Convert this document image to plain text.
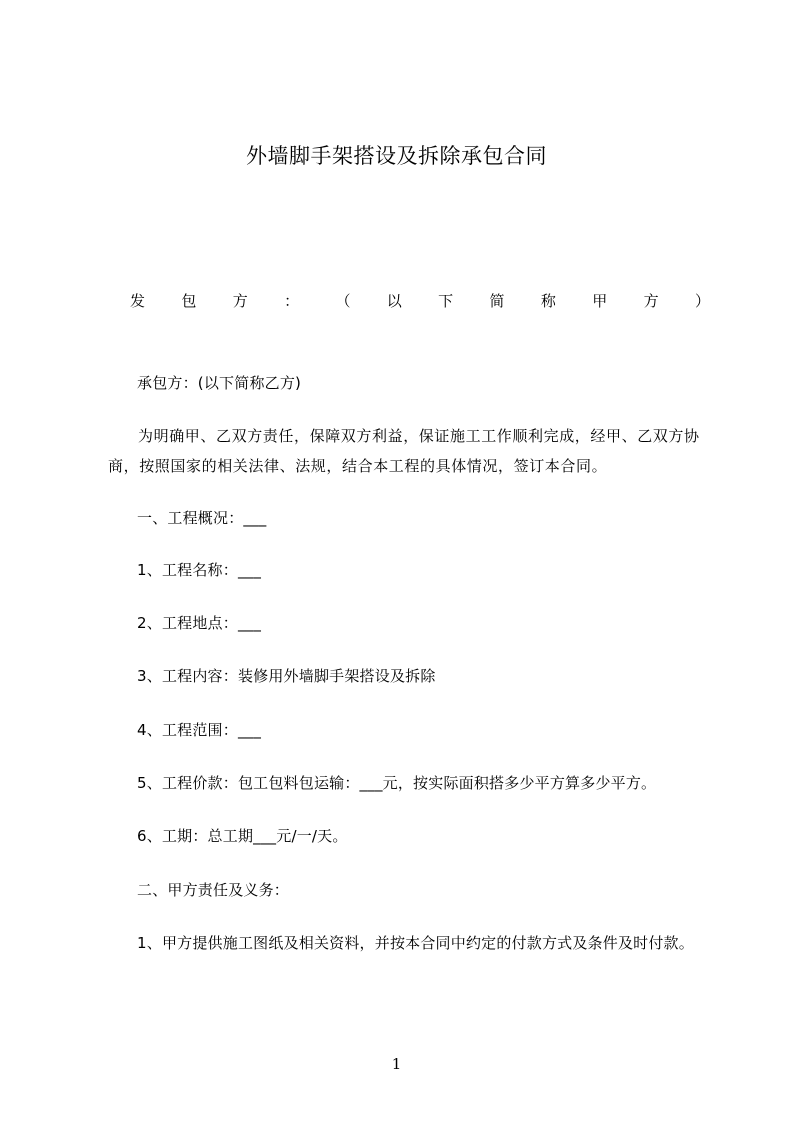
外墙脚手架搭设及拆除承包合同
发 包 方 ： （ 以 下 简 称 甲 方 ）
承包方：(以下简称乙方)
为明确甲、乙双方责任，保障双方利益，保证施工工作顺利完成，经甲、乙双方协商，按照国家的相关法律、法规，结合本工程的具体情况，签订本合同。
一、工程概况：___
1、工程名称：___
2、工程地点：___
3、工程内容：装修用外墙脚手架搭设及拆除
4、工程范围：___
5、工程价款：包工包料包运输：___元，按实际面积搭多少平方算多少平方。
6、工期：总工期___元/一/天。
二、甲方责任及义务：
1、甲方提供施工图纸及相关资料，并按本合同中约定的付款方式及条件及时付款。
1
